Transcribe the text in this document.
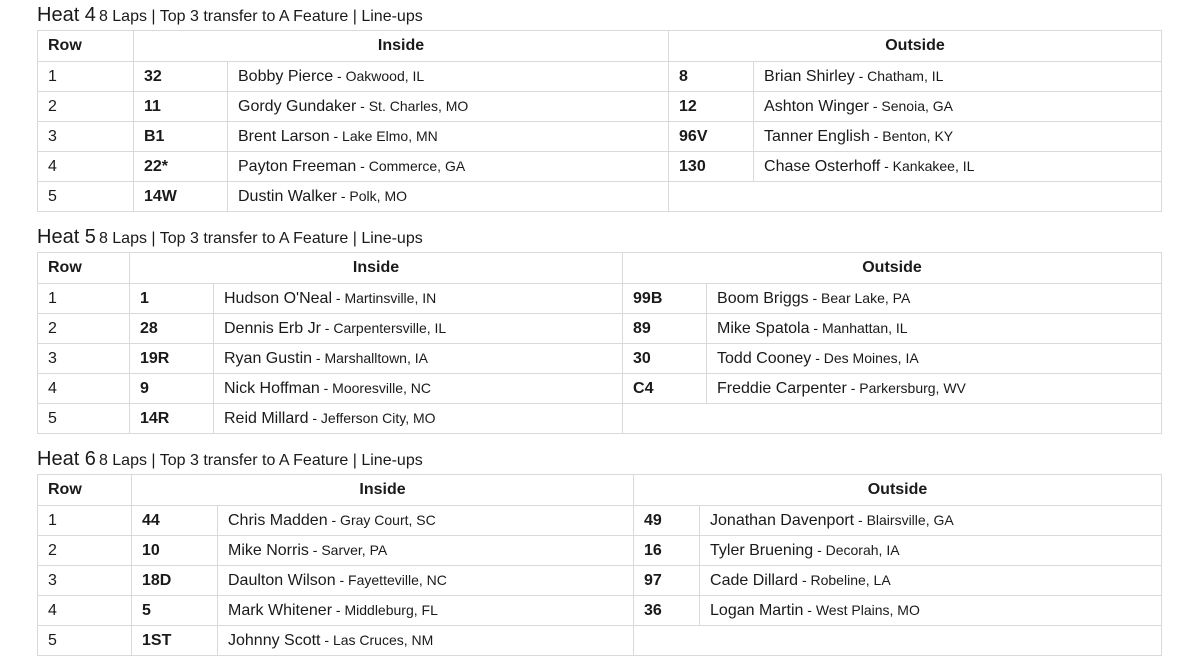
Heat 4 8 Laps | Top 3 transfer to A Feature | Line-ups
Row	Inside		Outside	
1	32	Bobby Pierce - Oakwood, IL	8	Brian Shirley - Chatham, IL
2	11	Gordy Gundaker - St. Charles, MO	12	Ashton Winger - Senoia, GA
3	B1	Brent Larson - Lake Elmo, MN	96V	Tanner English - Benton, KY
4	22*	Payton Freeman - Commerce, GA	130	Chase Osterhoff - Kankakee, IL
5	14W	Dustin Walker - Polk, MO		
Heat 5 8 Laps | Top 3 transfer to A Feature | Line-ups
Row	Inside		Outside	
1	1	Hudson O'Neal - Martinsville, IN	99B	Boom Briggs - Bear Lake, PA
2	28	Dennis Erb Jr - Carpentersville, IL	89	Mike Spatola - Manhattan, IL
3	19R	Ryan Gustin - Marshalltown, IA	30	Todd Cooney - Des Moines, IA
4	9	Nick Hoffman - Mooresville, NC	C4	Freddie Carpenter - Parkersburg, WV
5	14R	Reid Millard - Jefferson City, MO		
Heat 6 8 Laps | Top 3 transfer to A Feature | Line-ups
Row	Inside		Outside	
1	44	Chris Madden - Gray Court, SC	49	Jonathan Davenport - Blairsville, GA
2	10	Mike Norris - Sarver, PA	16	Tyler Bruening - Decorah, IA
3	18D	Daulton Wilson - Fayetteville, NC	97	Cade Dillard - Robeline, LA
4	5	Mark Whitener - Middleburg, FL	36	Logan Martin - West Plains, MO
5	1ST	Johnny Scott - Las Cruces, NM		
